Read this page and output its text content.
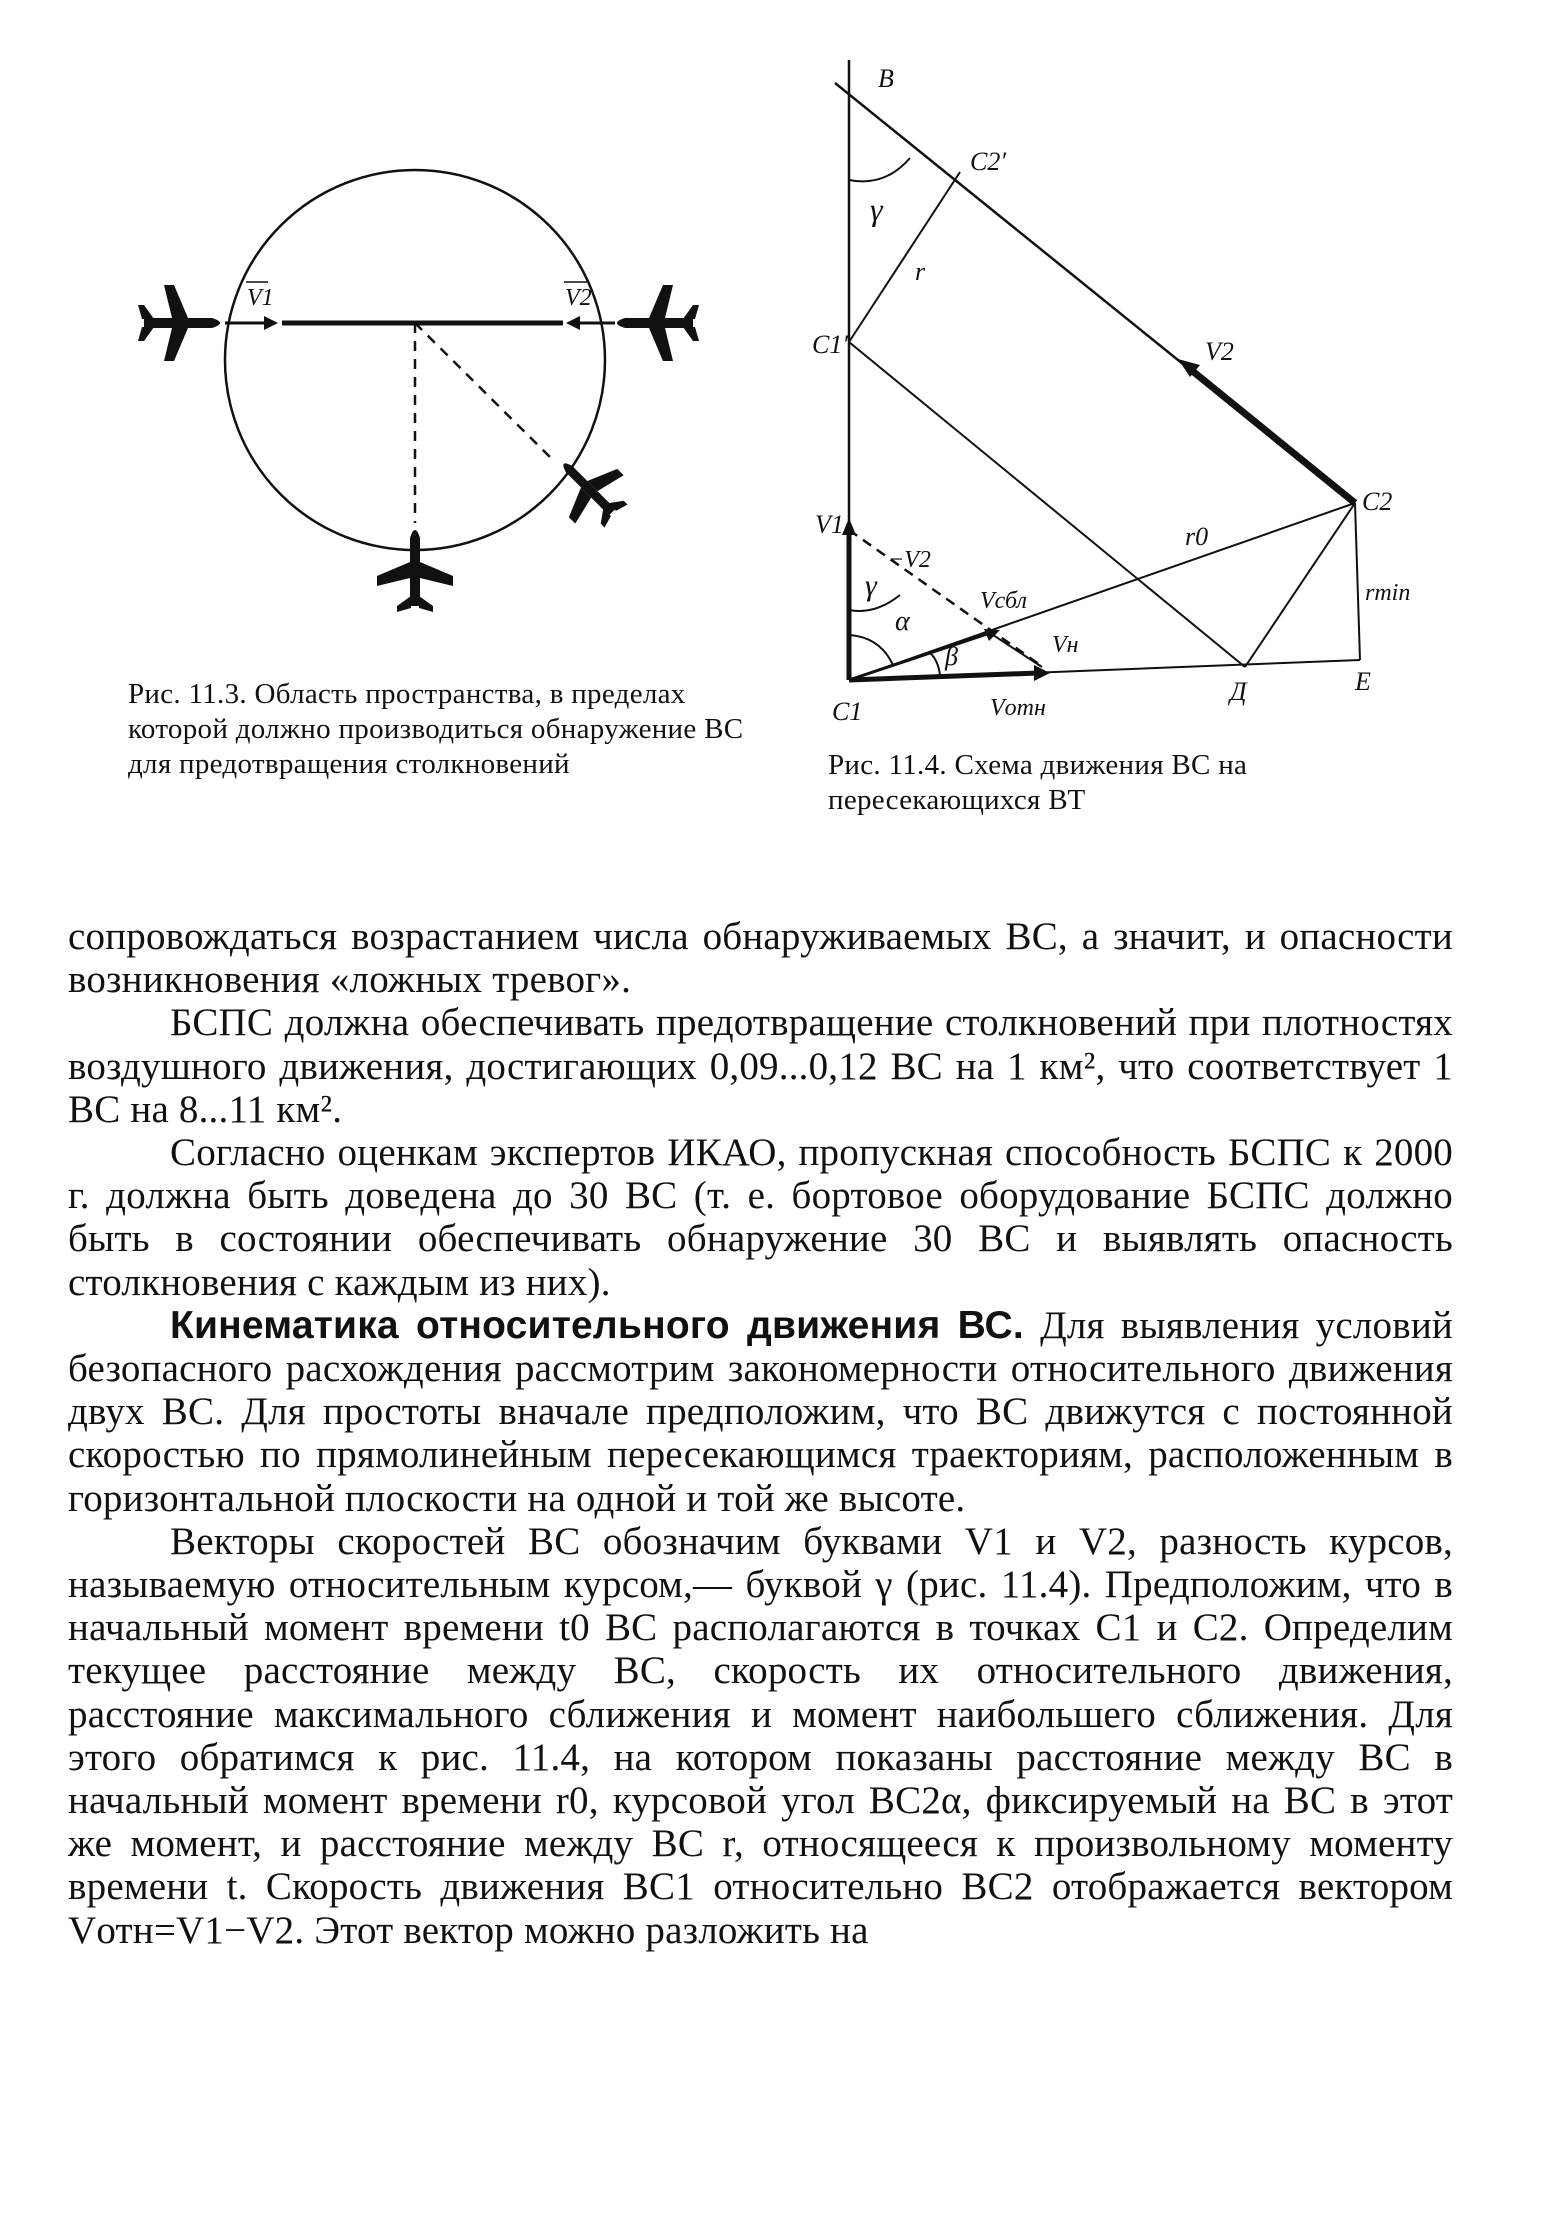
V1	V2
Рис. 11.3. Область пространства, в пределах которой должно производиться обнаружение ВС для предотвращения столкновений
B
C2′
γ
r
C1′	V2
C2
V1
−V2
γ	Vсбл
α
β	Vн
r0
rmin
C1	Vотн
Д	Е
Рис. 11.4. Схема движения ВС на пересекающихся ВТ

сопровождаться возрастанием числа обнаруживаемых ВС, а значит, и опасности возникновения «ложных тревог».

БСПС должна обеспечивать предотвращение столкновений при плотностях воздушного движения, достигающих 0,09...0,12 ВС на 1 км², что соответствует 1 ВС на 8...11 км².

Согласно оценкам экспертов ИКАО, пропускная способность БСПС к 2000 г. должна быть доведена до 30 ВС (т. е. бортовое оборудование БСПС должно быть в состоянии обеспечивать обнаружение 30 ВС и выявлять опасность столкновения с каждым из них).

Кинематика относительного движения ВС. Для выявления условий безопасного расхождения рассмотрим закономерности относительного движения двух ВС. Для простоты вначале предположим, что ВС движутся с постоянной скоростью по прямолинейным пересекающимся траекториям, расположенным в горизонтальной плоскости на одной и той же высоте.

Векторы скоростей ВС обозначим буквами V1 и V2, разность курсов, называемую относительным курсом,— буквой γ (рис. 11.4). Предположим, что в начальный момент времени t0 ВС располагаются в точках C1 и C2. Определим текущее расстояние между ВС, скорость их относительного движения, расстояние максимального сближения и момент наибольшего сближения. Для этого обратимся к рис. 11.4, на котором показаны расстояние между ВС в начальный момент времени r0, курсовой угол ВС2α, фиксируемый на ВС в этот же момент, и расстояние между ВС r, относящееся к произвольному моменту времени t. Скорость движения ВС1 относительно ВС2 отображается вектором Vотн=V1−V2. Этот вектор можно разложить на
